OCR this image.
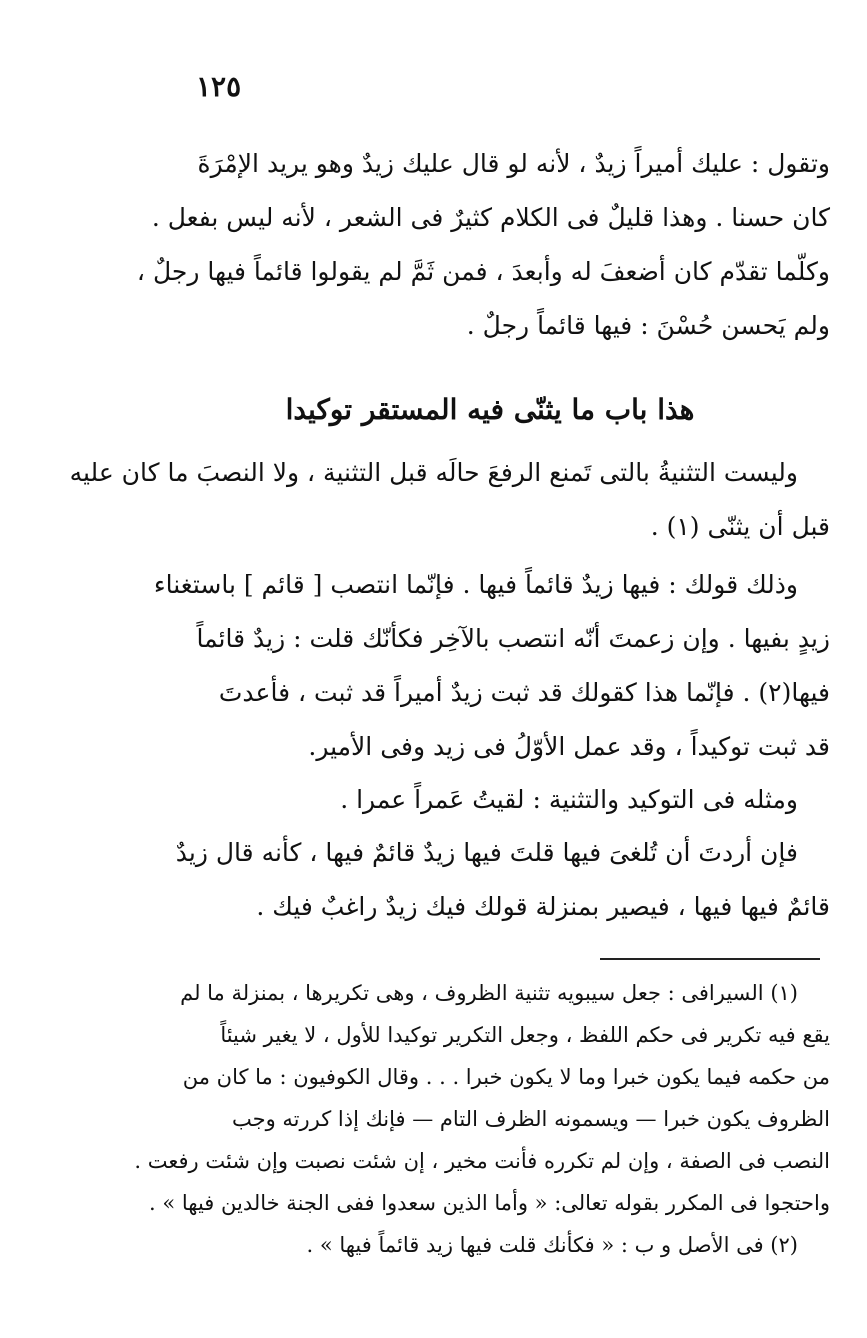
١٢٥
وتقول : عليك أميراً زيدٌ ، لأنه لو قال عليك زيدٌ وهو يريد الإمْرَةَ
كان حسنا . وهذا قليلٌ فى الكلام كثيرٌ فى الشعر ، لأنه ليس بفعل .
وكلّما تقدّم كان أضعفَ له وأبعدَ ، فمن ثَمَّ لم يقولوا قائماً فيها رجلٌ ،
ولم يَحسن حُسْنَ : فيها قائماً رجلٌ .
هذا باب ما يثنّى فيه المستقر توكيدا
وليست التثنيةُ بالتى تَمنع الرفعَ حالَه قبل التثنية ، ولا النصبَ ما كان عليه
قبل أن يثنّى (١) .
وذلك قولك : فيها زيدٌ قائماً فيها . فإنّما انتصب [ قائم ] باستغناء
زيدٍ بفيها . وإن زعمتَ أنّه انتصب بالآخِر فكأنّك قلت : زيدٌ قائماً
فيها(٢) . فإنّما هذا كقولك قد ثبت زيدٌ أميراً قد ثبت ، فأعدتَ
قد ثبت توكيداً ، وقد عمل الأوّلُ فى زيد وفى الأمير.
ومثله فى التوكيد والتثنية : لقيتُ عَمراً عمرا .
فإن أردتَ أن تُلغىَ فيها قلتَ فيها زيدٌ قائمٌ فيها ، كأنه قال زيدٌ
قائمٌ فيها فيها ، فيصير بمنزلة قولك فيك زيدٌ راغبٌ فيك .
(١) السيرافى : جعل سيبويه تثنية الظروف ، وهى تكريرها ، بمنزلة ما لم
يقع فيه تكرير فى حكم اللفظ ، وجعل التكرير توكيدا للأول ، لا يغير شيئاً
من حكمه فيما يكون خبرا وما لا يكون خبرا . . . وقال الكوفيون : ما كان من
الظروف يكون خبرا — ويسمونه الظرف التام — فإنك إذا كررته وجب
النصب فى الصفة ، وإن لم تكرره فأنت مخير ، إن شئت نصبت وإن شئت رفعت .
واحتجوا فى المكرر بقوله تعالى: « وأما الذين سعدوا ففى الجنة خالدين فيها » .
(٢) فى الأصل و ب : « فكأنك قلت فيها زيد قائماً فيها » .
